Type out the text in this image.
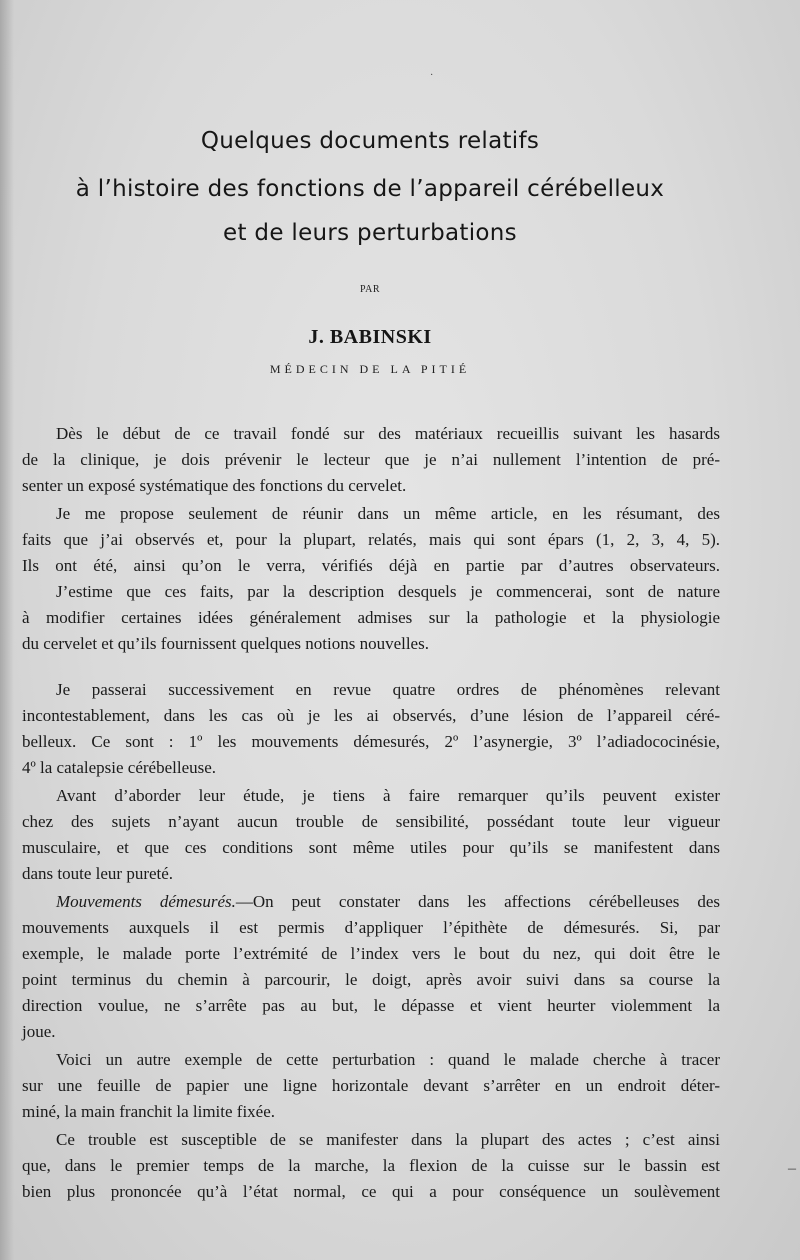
·
–
Quelques documents relatifs
à l’histoire des fonctions de l’appareil cérébelleux
et de leurs perturbations
PAR
J. BABINSKI
MÉDECIN DE LA PITIÉ
Dès le début de ce travail fondé sur des matériaux recueillis suivant les hasards
de la clinique, je dois prévenir le lecteur que je n’ai nullement l’intention de pré-
senter un exposé systématique des fonctions du cervelet.
Je me propose seulement de réunir dans un même article, en les résumant, des
faits que j’ai observés et, pour la plupart, relatés, mais qui sont épars (1, 2, 3, 4, 5).
Ils ont été, ainsi qu’on le verra, vérifiés déjà en partie par d’autres observateurs.
J’estime que ces faits, par la description desquels je commencerai, sont de nature
à modifier certaines idées généralement admises sur la pathologie et la physiologie
du cervelet et qu’ils fournissent quelques notions nouvelles.
Je passerai successivement en revue quatre ordres de phénomènes relevant
incontestablement, dans les cas où je les ai observés, d’une lésion de l’appareil céré-
belleux. Ce sont : 1º les mouvements démesurés, 2º l’asynergie, 3º l’adiadococinésie,
4º la catalepsie cérébelleuse.
Avant d’aborder leur étude, je tiens à faire remarquer qu’ils peuvent exister
chez des sujets n’ayant aucun trouble de sensibilité, possédant toute leur vigueur
musculaire, et que ces conditions sont même utiles pour qu’ils se manifestent dans
dans toute leur pureté.
Mouvements démesurés.—On peut constater dans les affections cérébelleuses des
mouvements auxquels il est permis d’appliquer l’épithète de démesurés. Si, par
exemple, le malade porte l’extrémité de l’index vers le bout du nez, qui doit être le
point terminus du chemin à parcourir, le doigt, après avoir suivi dans sa course la
direction voulue, ne s’arrête pas au but, le dépasse et vient heurter violemment la
joue.
Voici un autre exemple de cette perturbation : quand le malade cherche à tracer
sur une feuille de papier une ligne horizontale devant s’arrêter en un endroit déter-
miné, la main franchit la limite fixée.
Ce trouble est susceptible de se manifester dans la plupart des actes ; c’est ainsi
que, dans le premier temps de la marche, la flexion de la cuisse sur le bassin est
bien plus prononcée qu’à l’état normal, ce qui a pour conséquence un soulèvement
